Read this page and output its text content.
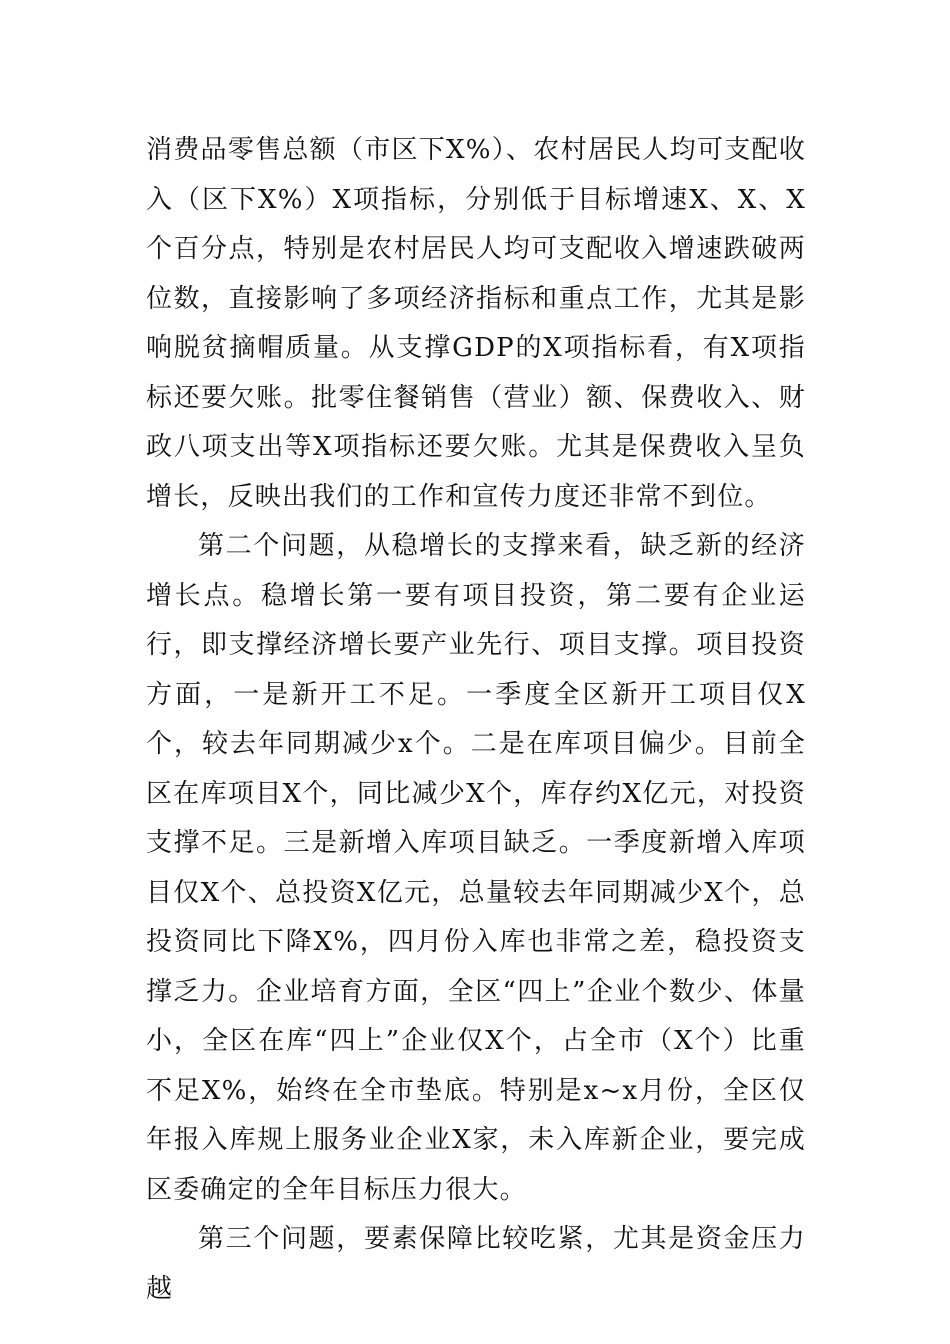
消费品零售总额（市区下X%）、农村居民人均可支配收入（区下X%）X项指标，分别低于目标增速X、X、X个百分点，特别是农村居民人均可支配收入增速跌破两位数，直接影响了多项经济指标和重点工作，尤其是影响脱贫摘帽质量。从支撑GDP的X项指标看，有X项指标还要欠账。批零住餐销售（营业）额、保费收入、财政八项支出等X项指标还要欠账。尤其是保费收入呈负增长，反映出我们的工作和宣传力度还非常不到位。

第二个问题，从稳增长的支撑来看，缺乏新的经济增长点。稳增长第一要有项目投资，第二要有企业运行，即支撑经济增长要产业先行、项目支撑。项目投资方面，一是新开工不足。一季度全区新开工项目仅X个，较去年同期减少x个。二是在库项目偏少。目前全区在库项目X个，同比减少X个，库存约X亿元，对投资支撑不足。三是新增入库项目缺乏。一季度新增入库项目仅X个、总投资X亿元，总量较去年同期减少X个，总投资同比下降X%，四月份入库也非常之差，稳投资支撑乏力。企业培育方面，全区“四上”企业个数少、体量小，全区在库“四上”企业仅X个，占全市（X个）比重不足X%，始终在全市垫底。特别是x~x月份，全区仅年报入库规上服务业企业X家，未入库新企业，要完成区委确定的全年目标压力很大。

第三个问题，要素保障比较吃紧，尤其是资金压力越
